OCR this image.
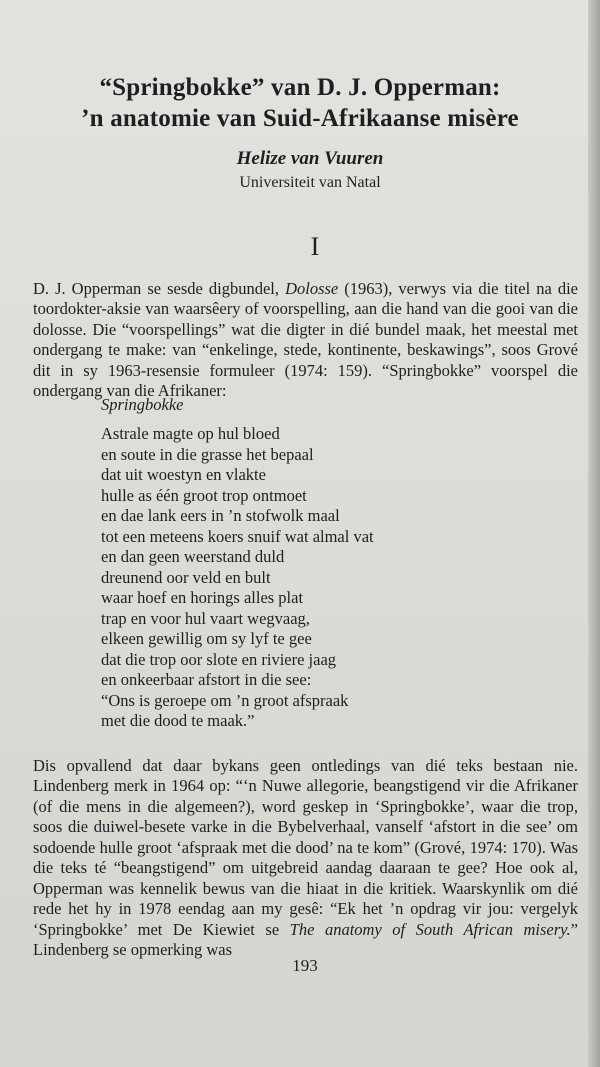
“Springbokke” van D. J. Opperman:
’n anatomie van Suid-Afrikaanse misère
Helize van Vuuren
Universiteit van Natal
I

D. J. Opperman se sesde digbundel, Dolosse (1963), verwys via die titel na die toordokter-aksie van waarsêery of voorspelling, aan die hand van die gooi van die dolosse. Die “voorspellings” wat die digter in dié bundel maak, het meestal met ondergang te make: van “enkelinge, stede, kontinente, beskawings”, soos Grové dit in sy 1963-resensie formuleer (1974: 159). “Springbokke” voorspel die ondergang van die Afrikaner:

Springbokke
Astrale magte op hul bloed
en soute in die grasse het bepaal
dat uit woestyn en vlakte
hulle as één groot trop ontmoet
en dae lank eers in ’n stofwolk maal
tot een meteens koers snuif wat almal vat
en dan geen weerstand duld
dreunend oor veld en bult
waar hoef en horings alles plat
trap en voor hul vaart wegvaag,
elkeen gewillig om sy lyf te gee
dat die trop oor slote en riviere jaag
en onkeerbaar afstort in die see:
“Ons is geroepe om ’n groot afspraak
met die dood te maak.”

Dis opvallend dat daar bykans geen ontledings van dié teks bestaan nie. Lindenberg merk in 1964 op: “‘n Nuwe allegorie, beangstigend vir die Afrikaner (of die mens in die algemeen?), word geskep in ‘Springbokke’, waar die trop, soos die duiwel-besete varke in die Bybelverhaal, vanself ‘afstort in die see’ om sodoende hulle groot ‘afspraak met die dood’ na te kom” (Grové, 1974: 170). Was die teks té “beangstigend” om uitgebreid aandag daaraan te gee? Hoe ook al, Opperman was kennelik bewus van die hiaat in die kritiek. Waarskynlik om dié rede het hy in 1978 eendag aan my gesê: “Ek het ’n opdrag vir jou: vergelyk ‘Springbokke’ met De Kiewiet se The anatomy of South African misery.” Lindenberg se opmerking was

193
